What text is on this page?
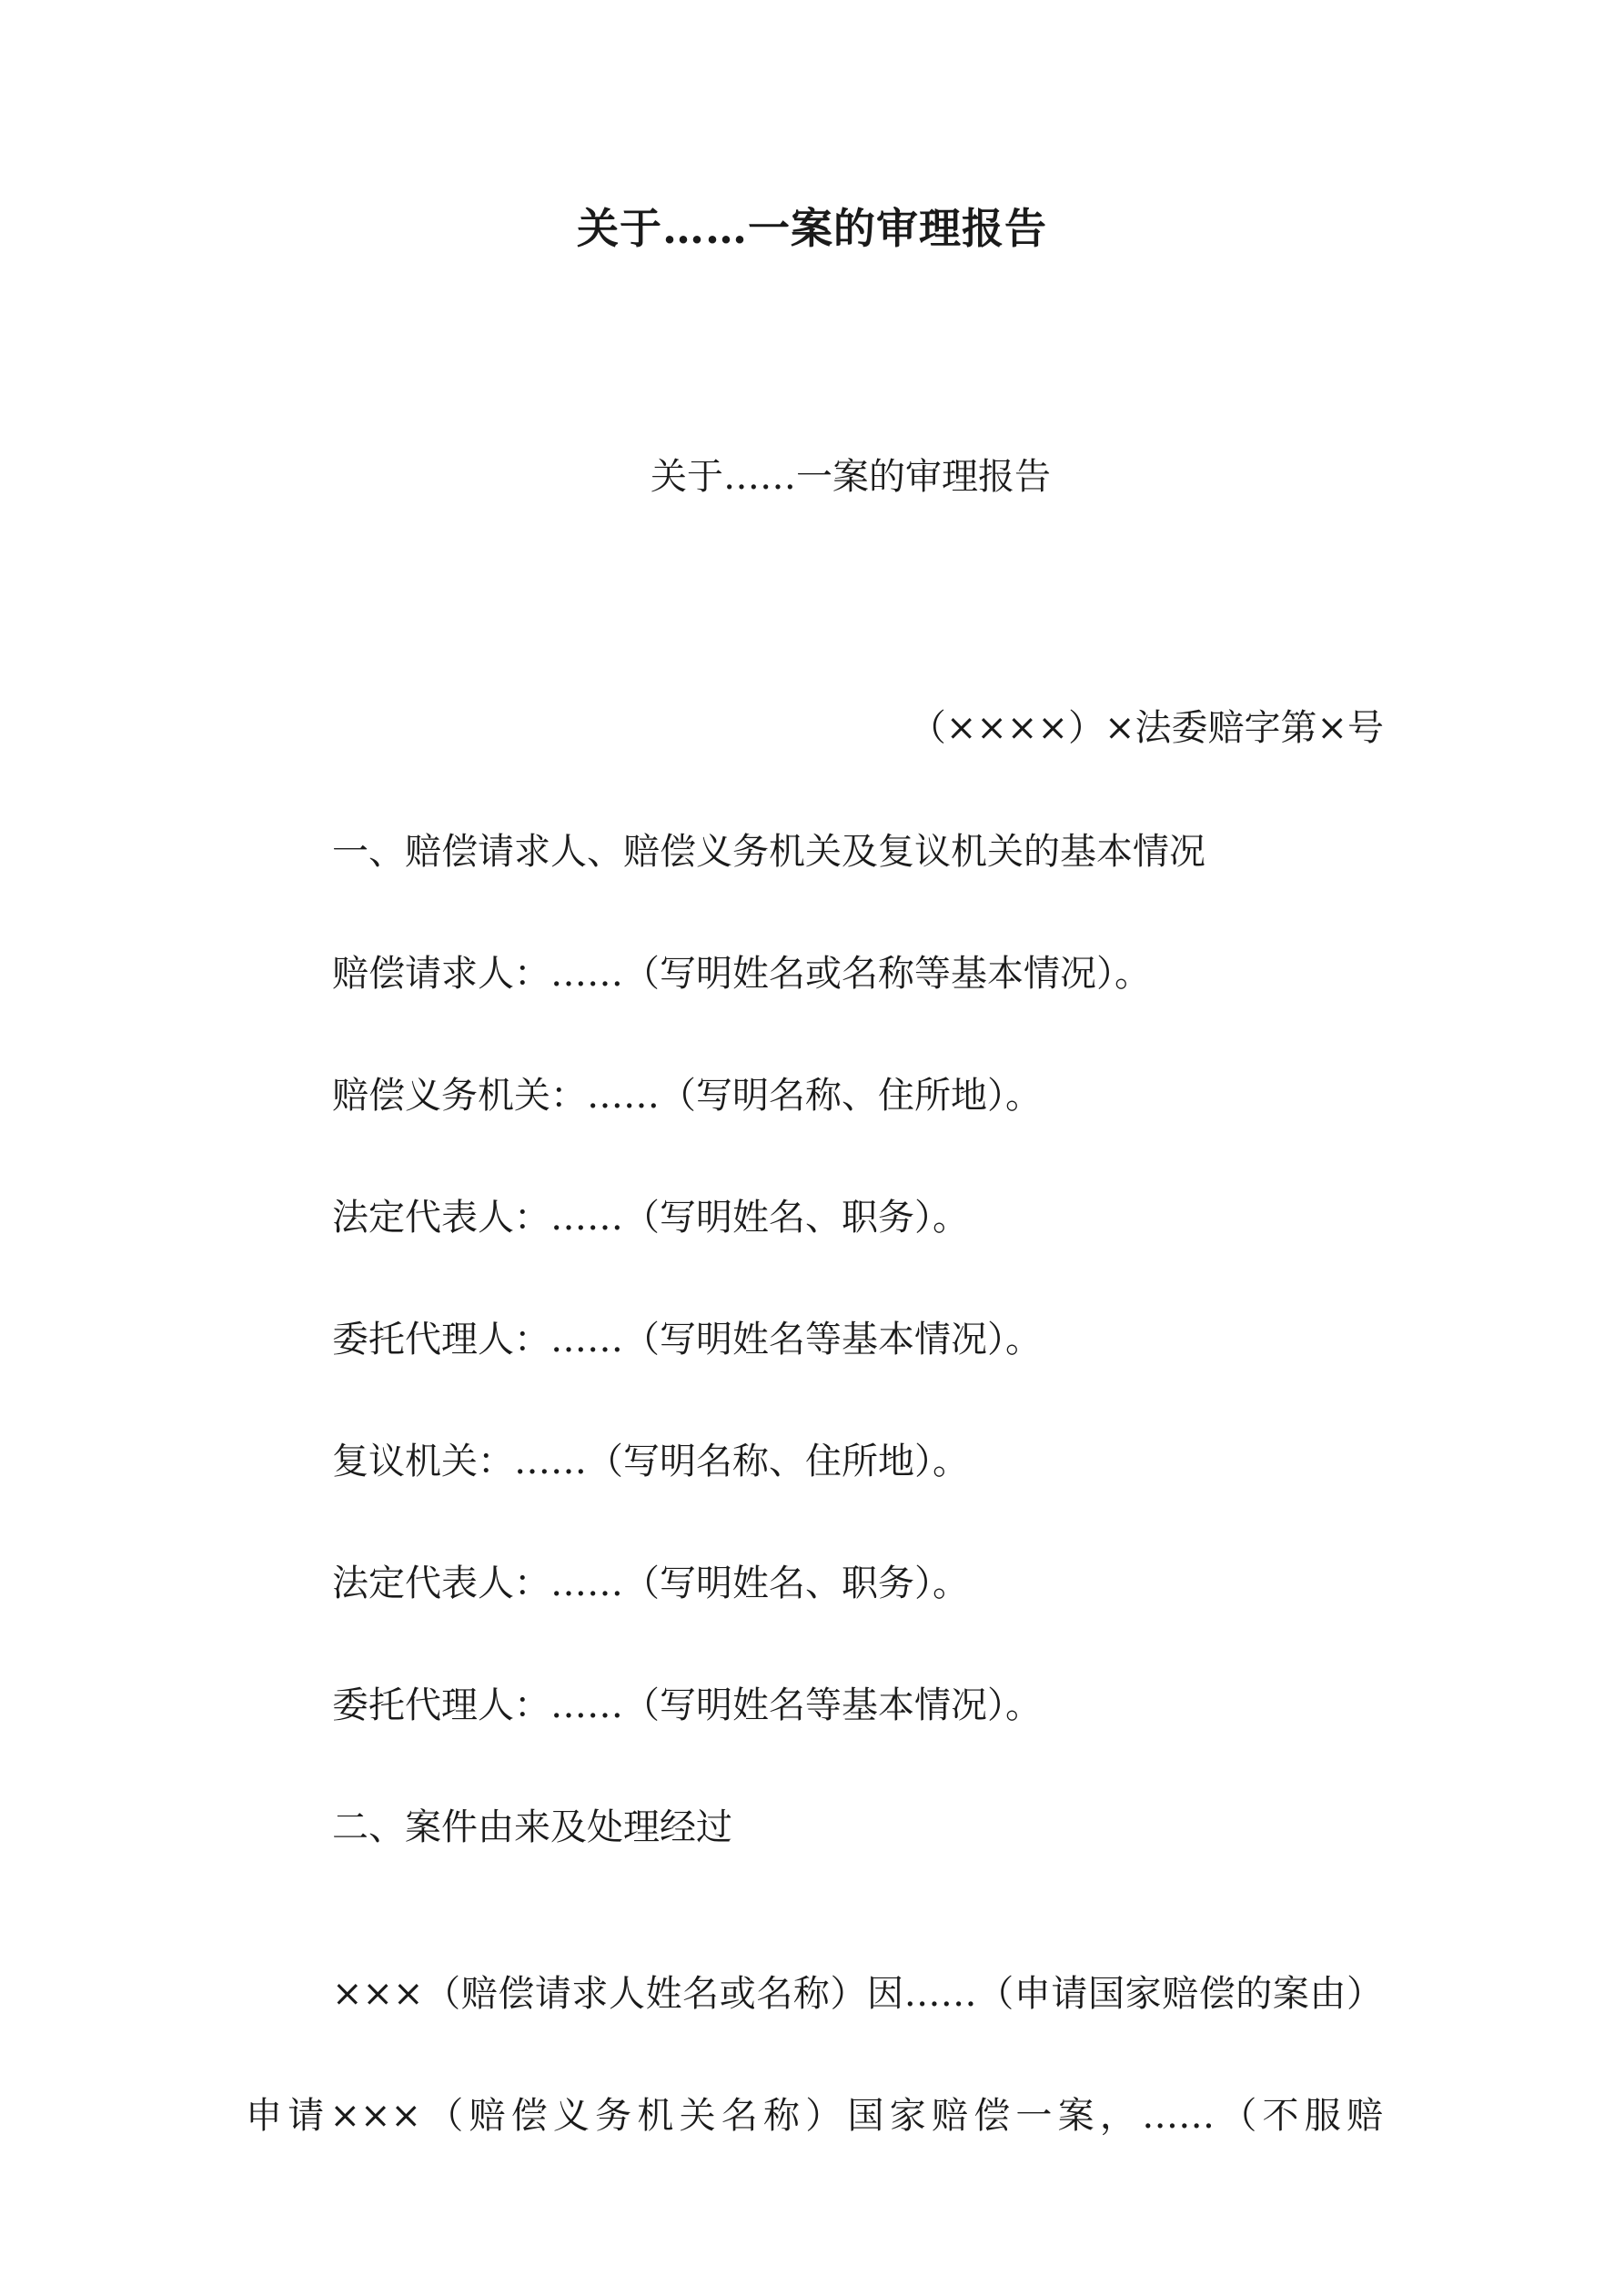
关于……一案的审理报告
关于……一案的审理报告
（××××）×法委赔字第×号
一、赔偿请求人、赔偿义务机关及复议机关的基本情况
赔偿请求人：……（写明姓名或名称等基本情况）。
赔偿义务机关：……（写明名称、住所地）。
法定代表人：……（写明姓名、职务）。
委托代理人：……（写明姓名等基本情况）。
复议机关：……（写明名称、住所地）。
法定代表人：……（写明姓名、职务）。
委托代理人：……（写明姓名等基本情况）。
二、案件由来及处理经过
×××（赔偿请求人姓名或名称）因……（申请国家赔偿的案由）申请×××（赔偿义务机关名称）国家赔偿一案，……（不服赔
